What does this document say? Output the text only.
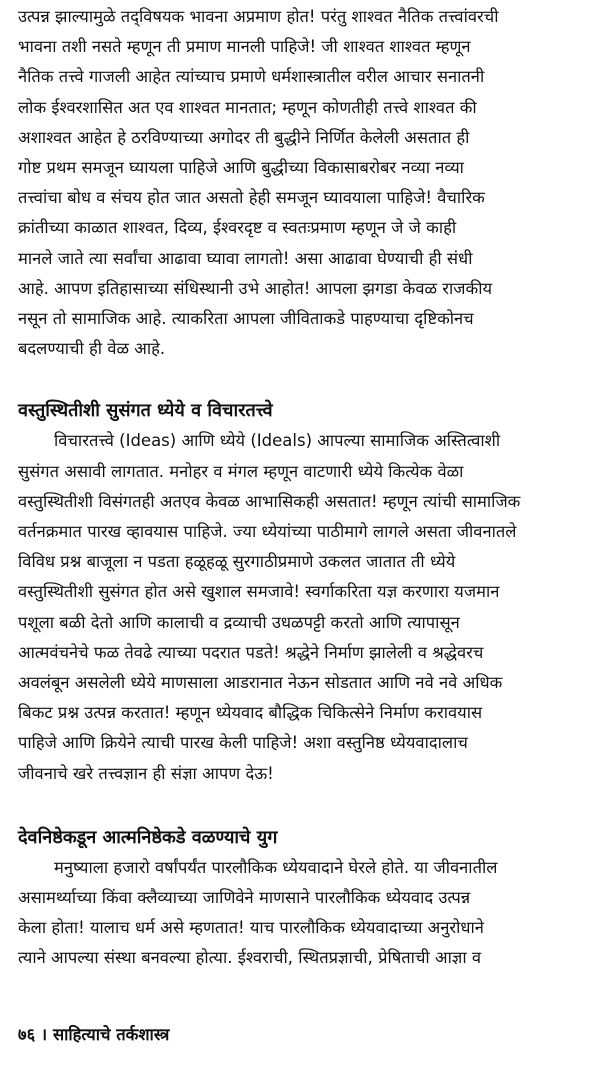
उत्पन्न झाल्यामुळे तद्‌विषयक भावना अप्रमाण होत! परंतु शाश्वत नैतिक तत्त्वांवरची
भावना तशी नसते म्हणून ती प्रमाण मानली पाहिजे! जी शाश्वत शाश्वत म्हणून
नैतिक तत्त्वे गाजली आहेत त्यांच्याच प्रमाणे धर्मशास्त्रातील वरील आचार सनातनी
लोक ईश्वरशासित अत एव शाश्वत मानतात; म्हणून कोणतीही तत्त्वे शाश्वत की
अशाश्वत आहेत हे ठरविण्याच्या अगोदर ती बुद्धीने निर्णित केलेली असतात ही
गोष्ट प्रथम समजून घ्यायला पाहिजे आणि बुद्धीच्या विकासाबरोबर नव्या नव्या
तत्त्वांचा बोध व संचय होत जात असतो हेही समजून घ्यावयाला पाहिजे! वैचारिक
क्रांतीच्या काळात शाश्वत, दिव्य, ईश्वरदृष्ट व स्वतःप्रमाण म्हणून जे जे काही
मानले जाते त्या सर्वांचा आढावा घ्यावा लागतो! असा आढावा घेण्याची ही संधी
आहे. आपण इतिहासाच्या संधिस्थानी उभे आहोत! आपला झगडा केवळ राजकीय
नसून तो सामाजिक आहे. त्याकरिता आपला जीविताकडे पाहण्याचा दृष्टिकोनच
बदलण्याची ही वेळ आहे.
वस्तुस्थितीशी सुसंगत ध्येये व विचारतत्त्वे
विचारतत्त्वे (Ideas) आणि ध्येये (Ideals) आपल्या सामाजिक अस्तित्वाशी
सुसंगत असावी लागतात. मनोहर व मंगल म्हणून वाटणारी ध्येये कित्येक वेळा
वस्तुस्थितीशी विसंगतही अतएव केवळ आभासिकही असतात! म्हणून त्यांची सामाजिक
वर्तनक्रमात पारख व्हावयास पाहिजे. ज्या ध्येयांच्या पाठीमागे लागले असता जीवनातले
विविध प्रश्न बाजूला न पडता हळूहळू सुरगाठीप्रमाणे उकलत जातात ती ध्येये
वस्तुस्थितीशी सुसंगत होत असे खुशाल समजावे! स्वर्गाकरिता यज्ञ करणारा यजमान
पशूला बळी देतो आणि कालाची व द्रव्याची उधळपट्टी करतो आणि त्यापासून
आत्मवंचनेचे फळ तेवढे त्याच्या पदरात पडते! श्रद्धेने निर्माण झालेली व श्रद्धेवरच
अवलंबून असलेली ध्येये माणसाला आडरानात नेऊन सोडतात आणि नवे नवे अधिक
बिकट प्रश्न उत्पन्न करतात! म्हणून ध्येयवाद बौद्धिक चिकित्सेने निर्माण करावयास
पाहिजे आणि क्रियेने त्याची पारख केली पाहिजे! अशा वस्तुनिष्ठ ध्येयवादालाच
जीवनाचे खरे तत्त्वज्ञान ही संज्ञा आपण देऊ!
देवनिष्ठेकडून आत्मनिष्ठेकडे वळण्याचे युग
मनुष्याला हजारो वर्षांपर्यंत पारलौकिक ध्येयवादाने घेरले होते. या जीवनातील
असामर्थ्याच्या किंवा क्लैव्याच्या जाणिवेने माणसाने पारलौकिक ध्येयवाद उत्पन्न
केला होता! यालाच धर्म असे म्हणतात! याच पारलौकिक ध्येयवादाच्या अनुरोधाने
त्याने आपल्या संस्था बनवल्या होत्या. ईश्वराची, स्थितप्रज्ञाची, प्रेषिताची आज्ञा व
७६ । साहित्याचे तर्कशास्त्र
